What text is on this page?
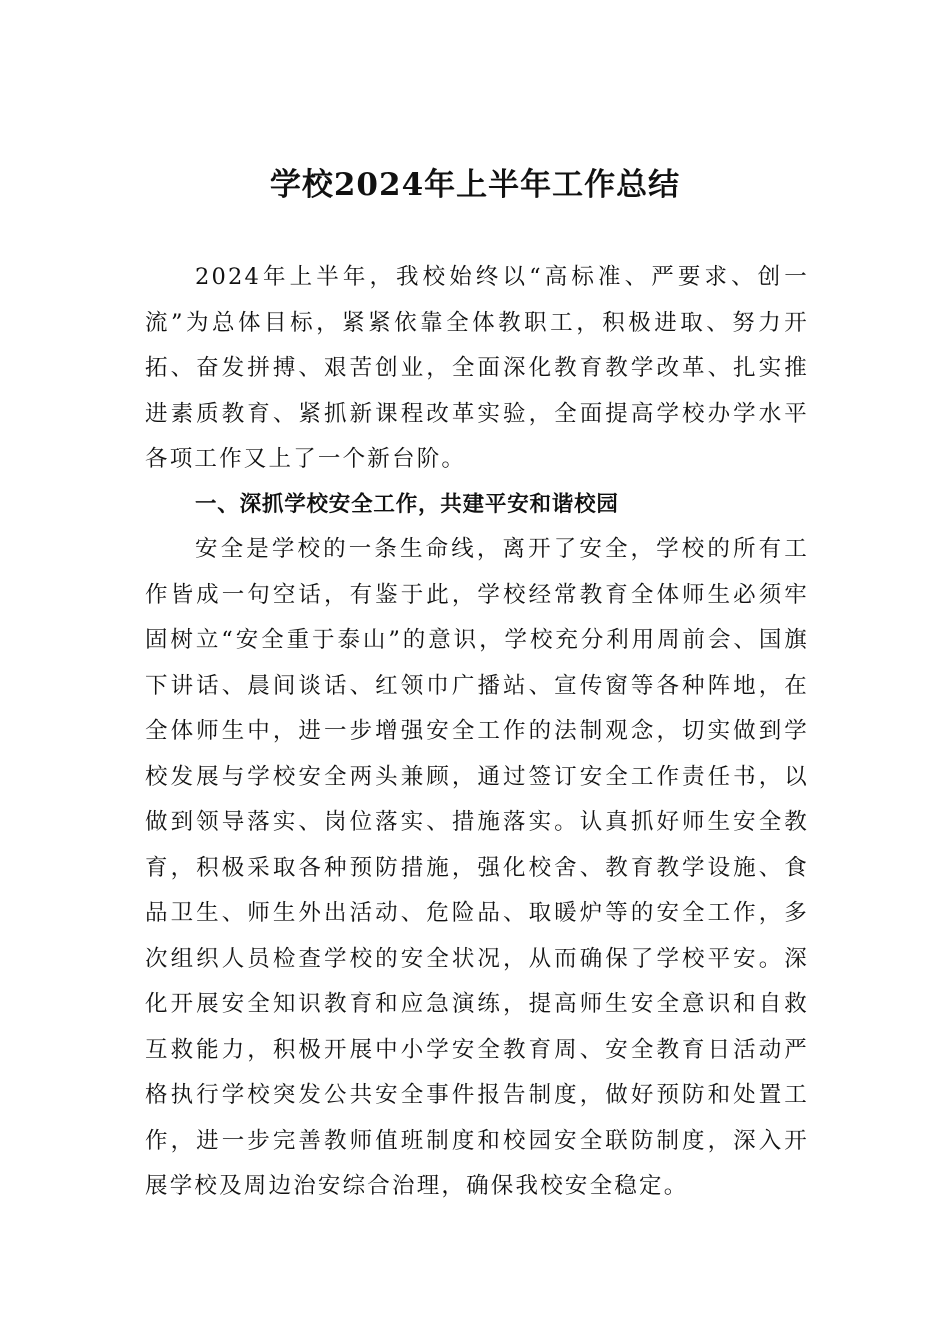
学校2024年上半年工作总结

2024年上半年，我校始终以“高标准、严要求、创一流”为总体目标，紧紧依靠全体教职工，积极进取、努力开拓、奋发拼搏、艰苦创业，全面深化教育教学改革、扎实推进素质教育、紧抓新课程改革实验，全面提高学校办学水平各项工作又上了一个新台阶。

一、深抓学校安全工作，共建平安和谐校园

安全是学校的一条生命线，离开了安全，学校的所有工作皆成一句空话，有鉴于此，学校经常教育全体师生必须牢固树立“安全重于泰山”的意识，学校充分利用周前会、国旗下讲话、晨间谈话、红领巾广播站、宣传窗等各种阵地，在全体师生中，进一步增强安全工作的法制观念，切实做到学校发展与学校安全两头兼顾，通过签订安全工作责任书，以做到领导落实、岗位落实、措施落实。认真抓好师生安全教育，积极采取各种预防措施，强化校舍、教育教学设施、食品卫生、师生外出活动、危险品、取暖炉等的安全工作，多次组织人员检查学校的安全状况，从而确保了学校平安。深化开展安全知识教育和应急演练，提高师生安全意识和自救互救能力，积极开展中小学安全教育周、安全教育日活动严格执行学校突发公共安全事件报告制度，做好预防和处置工作，进一步完善教师值班制度和校园安全联防制度，深入开展学校及周边治安综合治理，确保我校安全稳定。
